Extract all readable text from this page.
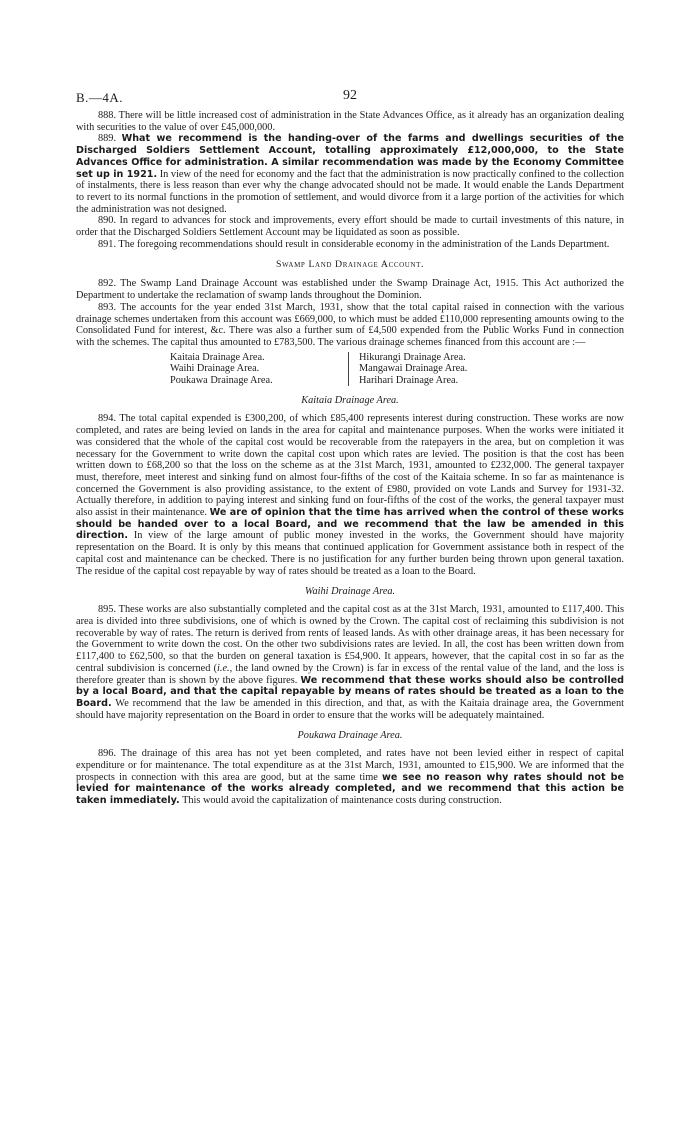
B.—4A.	92

888. There will be little increased cost of administration in the State Advances Office, as it already has an organization dealing with securities to the value of over £45,000,000.

889. What we recommend is the handing-over of the farms and dwellings securities of the Discharged Soldiers Settlement Account, totalling approximately £12,000,000, to the State Advances Office for administration. A similar recommendation was made by the Economy Committee set up in 1921. In view of the need for economy and the fact that the administration is now practically confined to the collection of instalments, there is less reason than ever why the change advocated should not be made. It would enable the Lands Department to revert to its normal functions in the promotion of settlement, and would divorce from it a large portion of the activities for which the administration was not designed.

890. In regard to advances for stock and improvements, every effort should be made to curtail investments of this nature, in order that the Discharged Soldiers Settlement Account may be liquidated as soon as possible.

891. The foregoing recommendations should result in considerable economy in the administration of the Lands Department.

Swamp Land Drainage Account.

892. The Swamp Land Drainage Account was established under the Swamp Drainage Act, 1915. This Act authorized the Department to undertake the reclamation of swamp lands throughout the Dominion.

893. The accounts for the year ended 31st March, 1931, show that the total capital raised in connection with the various drainage schemes undertaken from this account was £669,000, to which must be added £110,000 representing amounts owing to the Consolidated Fund for interest, &c. There was also a further sum of £4,500 expended from the Public Works Fund in connection with the schemes. The capital thus amounted to £783,500. The various drainage schemes financed from this account are :—

Kaitaia Drainage Area.
Waihi Drainage Area.
Poukawa Drainage Area.
Hikurangi Drainage Area.
Mangawai Drainage Area.
Harihari Drainage Area.
Kaitaia Drainage Area.

894. The total capital expended is £300,200, of which £85,400 represents interest during construction. These works are now completed, and rates are being levied on lands in the area for capital and maintenance purposes. When the works were initiated it was considered that the whole of the capital cost would be recoverable from the ratepayers in the area, but on completion it was necessary for the Government to write down the capital cost upon which rates are levied. The position is that the cost has been written down to £68,200 so that the loss on the scheme as at the 31st March, 1931, amounted to £232,000. The general taxpayer must, therefore, meet interest and sinking fund on almost four-fifths of the cost of the Kaitaia scheme. In so far as maintenance is concerned the Government is also providing assistance, to the extent of £980, provided on vote Lands and Survey for 1931-32. Actually therefore, in addition to paying interest and sinking fund on four-fifths of the cost of the works, the general taxpayer must also assist in their maintenance. We are of opinion that the time has arrived when the control of these works should be handed over to a local Board, and we recommend that the law be amended in this direction. In view of the large amount of public money invested in the works, the Government should have majority representation on the Board. It is only by this means that continued application for Government assistance both in respect of the capital cost and maintenance can be checked. There is no justification for any further burden being thrown upon general taxation. The residue of the capital cost repayable by way of rates should be treated as a loan to the Board.

Waihi Drainage Area.

895. These works are also substantially completed and the capital cost as at the 31st March, 1931, amounted to £117,400. This area is divided into three subdivisions, one of which is owned by the Crown. The capital cost of reclaiming this subdivision is not recoverable by way of rates. The return is derived from rents of leased lands. As with other drainage areas, it has been necessary for the Government to write down the cost. On the other two subdivisions rates are levied. In all, the cost has been written down from £117,400 to £62,500, so that the burden on general taxation is £54,900. It appears, however, that the capital cost in so far as the central subdivision is concerned (i.e., the land owned by the Crown) is far in excess of the rental value of the land, and the loss is therefore greater than is shown by the above figures. We recommend that these works should also be controlled by a local Board, and that the capital repayable by means of rates should be treated as a loan to the Board. We recommend that the law be amended in this direction, and that, as with the Kaitaia drainage area, the Government should have majority representation on the Board in order to ensure that the works will be adequately maintained.

Poukawa Drainage Area.

896. The drainage of this area has not yet been completed, and rates have not been levied either in respect of capital expenditure or for maintenance. The total expenditure as at the 31st March, 1931, amounted to £15,900. We are informed that the prospects in connection with this area are good, but at the same time we see no reason why rates should not be levied for maintenance of the works already completed, and we recommend that this action be taken immediately. This would avoid the capitalization of maintenance costs during construction.
